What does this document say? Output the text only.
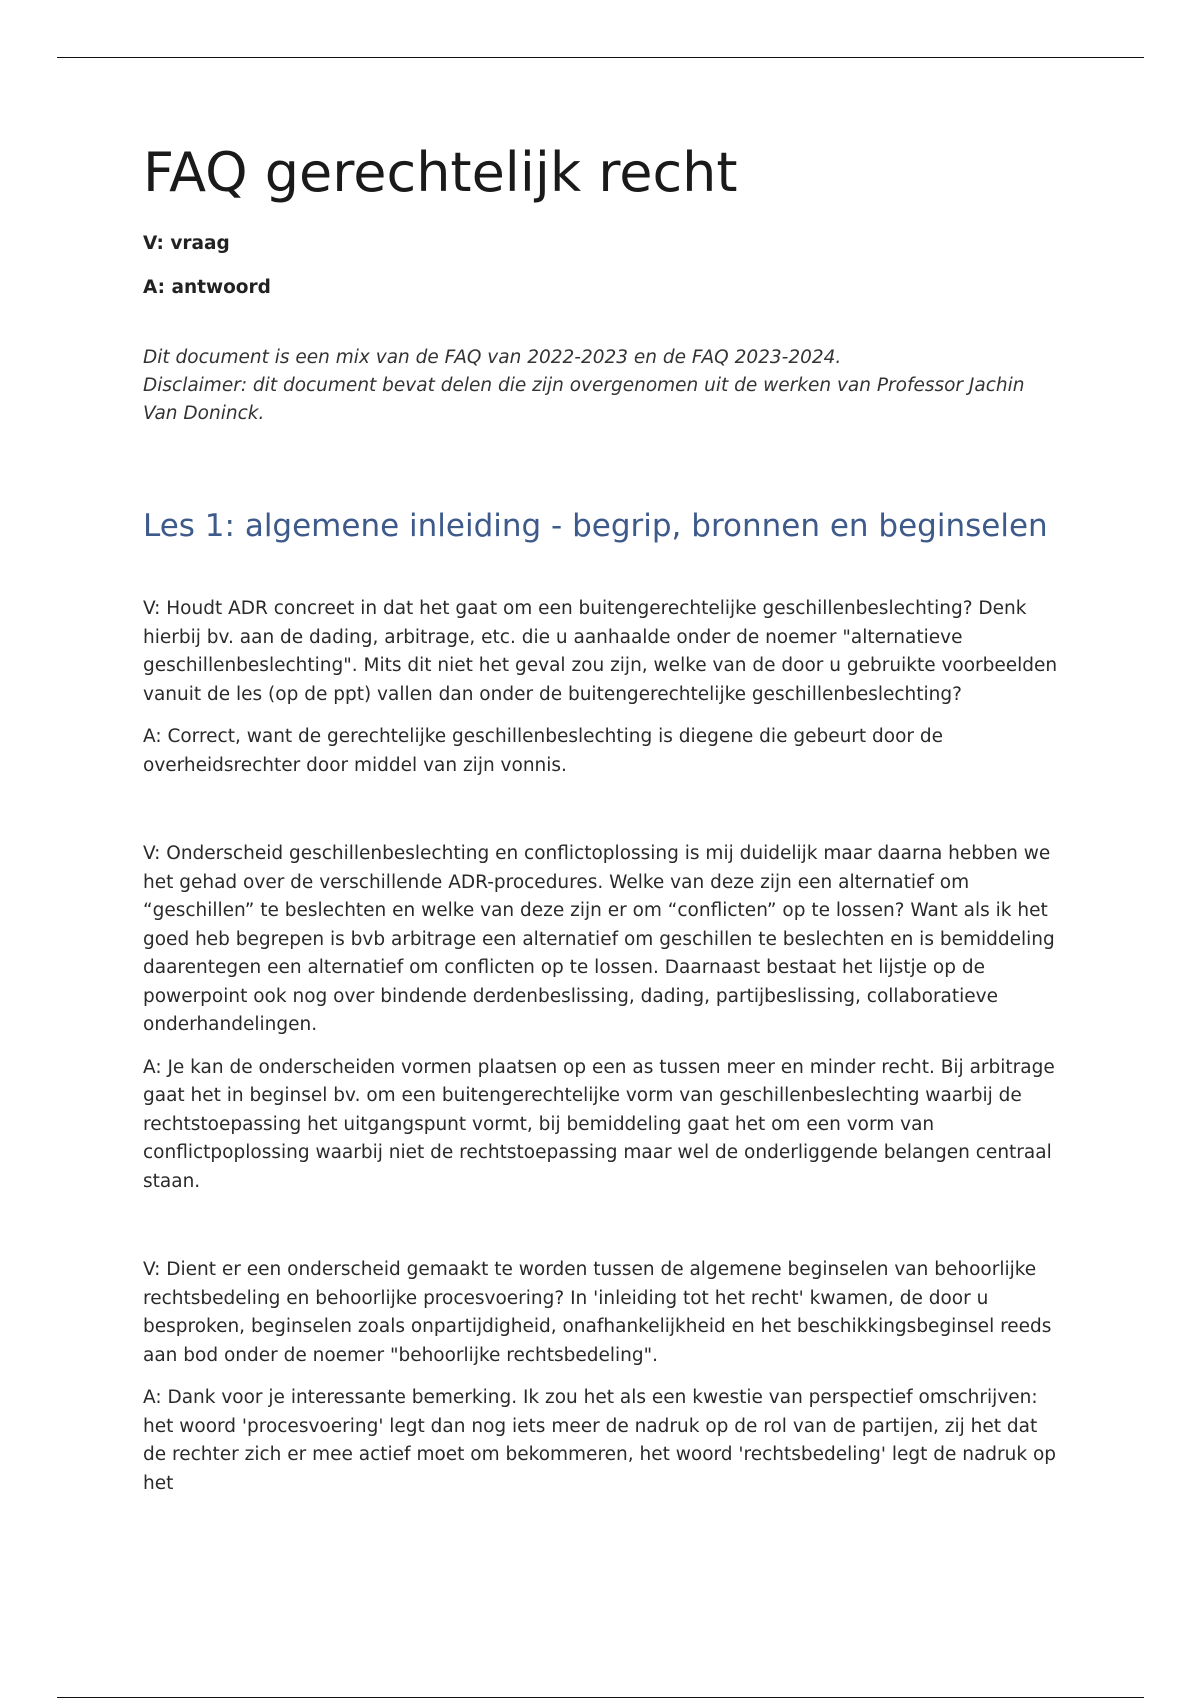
FAQ gerechtelijk recht

V: vraag

A: antwoord

Dit document is een mix van de FAQ van 2022-2023 en de FAQ 2023-2024.

Disclaimer: dit document bevat delen die zijn overgenomen uit de werken van Professor Jachin Van Doninck.

Les 1: algemene inleiding - begrip, bronnen en beginselen

V: Houdt ADR concreet in dat het gaat om een buitengerechtelijke geschillenbeslechting? Denk hierbij bv. aan de dading, arbitrage, etc. die u aanhaalde onder de noemer "alternatieve geschillenbeslechting". Mits dit niet het geval zou zijn, welke van de door u gebruikte voorbeelden vanuit de les (op de ppt) vallen dan onder de buitengerechtelijke geschillenbeslechting?

A: Correct, want de gerechtelijke geschillenbeslechting is diegene die gebeurt door de overheidsrechter door middel van zijn vonnis.

V: Onderscheid geschillenbeslechting en conflictoplossing is mij duidelijk maar daarna hebben we het gehad over de verschillende ADR-procedures. Welke van deze zijn een alternatief om “geschillen” te beslechten en welke van deze zijn er om “conflicten” op te lossen? Want als ik het goed heb begrepen is bvb arbitrage een alternatief om geschillen te beslechten en is bemiddeling daarentegen een alternatief om conflicten op te lossen. Daarnaast bestaat het lijstje op de powerpoint ook nog over bindende derdenbeslissing, dading, partijbeslissing, collaboratieve onderhandelingen.

A: Je kan de onderscheiden vormen plaatsen op een as tussen meer en minder recht. Bij arbitrage gaat het in beginsel bv. om een buitengerechtelijke vorm van geschillenbeslechting waarbij de rechtstoepassing het uitgangspunt vormt, bij bemiddeling gaat het om een vorm van conflictpoplossing waarbij niet de rechtstoepassing maar wel de onderliggende belangen centraal staan.

V: Dient er een onderscheid gemaakt te worden tussen de algemene beginselen van behoorlijke rechtsbedeling en behoorlijke procesvoering? In 'inleiding tot het recht' kwamen, de door u besproken, beginselen zoals onpartijdigheid, onafhankelijkheid en het beschikkingsbeginsel reeds aan bod onder de noemer "behoorlijke rechtsbedeling".

A: Dank voor je interessante bemerking. Ik zou het als een kwestie van perspectief omschrijven: het woord 'procesvoering' legt dan nog iets meer de nadruk op de rol van de partijen, zij het dat de rechter zich er mee actief moet om bekommeren, het woord 'rechtsbedeling' legt de nadruk op het
